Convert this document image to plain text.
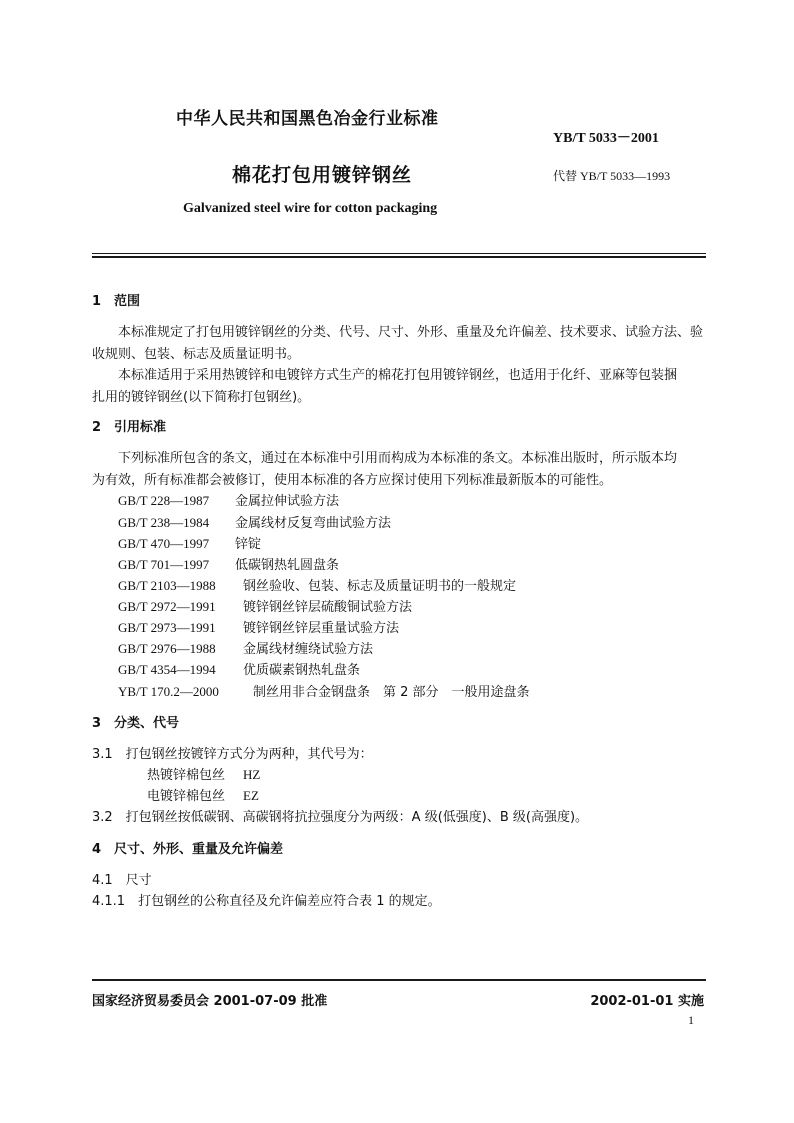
中华人民共和国黑色冶金行业标准
YB/T 5033－2001
棉花打包用镀锌钢丝	代替 YB/T 5033—1993
Galvanized steel wire for cotton packaging
1 范围
本标准规定了打包用镀锌钢丝的分类、代号、尺寸、外形、重量及允许偏差、技术要求、试验方法、验
收规则、包装、标志及质量证明书。
本标准适用于采用热镀锌和电镀锌方式生产的棉花打包用镀锌钢丝，也适用于化纤、亚麻等包装捆
扎用的镀锌钢丝(以下简称打包钢丝)。
2 引用标准
下列标准所包含的条文，通过在本标准中引用而构成为本标准的条文。本标准出版时，所示版本均
为有效，所有标准都会被修订，使用本标准的各方应探讨使用下列标准最新版本的可能性。
GB/T 228—1987 金属拉伸试验方法
GB/T 238—1984 金属线材反复弯曲试验方法
GB/T 470—1997 锌锭
GB/T 701—1997 低碳钢热轧圆盘条
GB/T 2103—1988 钢丝验收、包装、标志及质量证明书的一般规定
GB/T 2972—1991 镀锌钢丝锌层硫酸铜试验方法
GB/T 2973—1991 镀锌钢丝锌层重量试验方法
GB/T 2976—1988 金属线材缠绕试验方法
GB/T 4354—1994 优质碳素钢热轧盘条
YB/T 170.2—2000	制丝用非合金钢盘条　第 2 部分　一般用途盘条
3 分类、代号
3.1　打包钢丝按镀锌方式分为两种，其代号为：
热镀锌棉包丝 HZ
电镀锌棉包丝 EZ
3.2　打包钢丝按低碳钢、高碳钢将抗拉强度分为两级：A 级(低强度)、B 级(高强度)。
4 尺寸、外形、重量及允许偏差
4.1　尺寸
4.1.1　打包钢丝的公称直径及允许偏差应符合表 1 的规定。
国家经济贸易委员会 2001-07-09 批准	2002-01-01 实施
1
